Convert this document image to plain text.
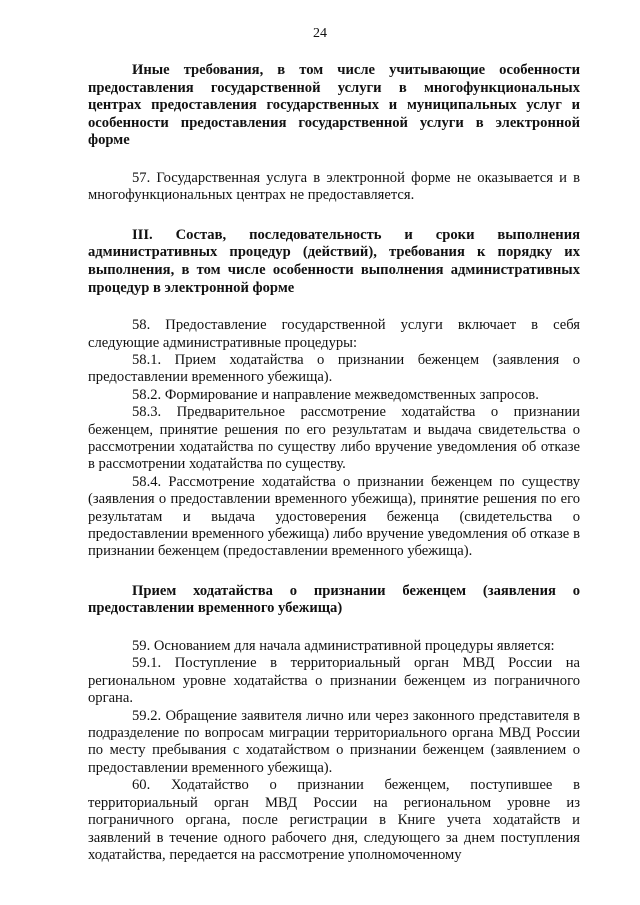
24

Иные требования, в том числе учитывающие особенности предоставления государственной услуги в многофункциональных центрах предоставления государственных и муниципальных услуг и особенности предоставления государственной услуги в электронной форме

57. Государственная услуга в электронной форме не оказывается и в многофункциональных центрах не предоставляется.

III. Состав, последовательность и сроки выполнения административных процедур (действий), требования к порядку их выполнения, в том числе особенности выполнения административных процедур в электронной форме

58. Предоставление государственной услуги включает в себя следующие административные процедуры:

58.1. Прием ходатайства о признании беженцем (заявления о предоставлении временного убежища).

58.2. Формирование и направление межведомственных запросов.

58.3. Предварительное рассмотрение ходатайства о признании беженцем, принятие решения по его результатам и выдача свидетельства о рассмотрении ходатайства по существу либо вручение уведомления об отказе в рассмотрении ходатайства по существу.

58.4. Рассмотрение ходатайства о признании беженцем по существу (заявления о предоставлении временного убежища), принятие решения по его результатам и выдача удостоверения беженца (свидетельства о предоставлении временного убежища) либо вручение уведомления об отказе в признании беженцем (предоставлении временного убежища).

Прием ходатайства о признании беженцем (заявления о предоставлении временного убежища)

59. Основанием для начала административной процедуры является:

59.1. Поступление в территориальный орган МВД России на региональном уровне ходатайства о признании беженцем из пограничного органа.

59.2. Обращение заявителя лично или через законного представителя в подразделение по вопросам миграции территориального органа МВД России по месту пребывания с ходатайством о признании беженцем (заявлением о предоставлении временного убежища).

60. Ходатайство о признании беженцем, поступившее в территориальный орган МВД России на региональном уровне из пограничного органа, после регистрации в Книге учета ходатайств и заявлений в течение одного рабочего дня, следующего за днем поступления ходатайства, передается на рассмотрение уполномоченному
